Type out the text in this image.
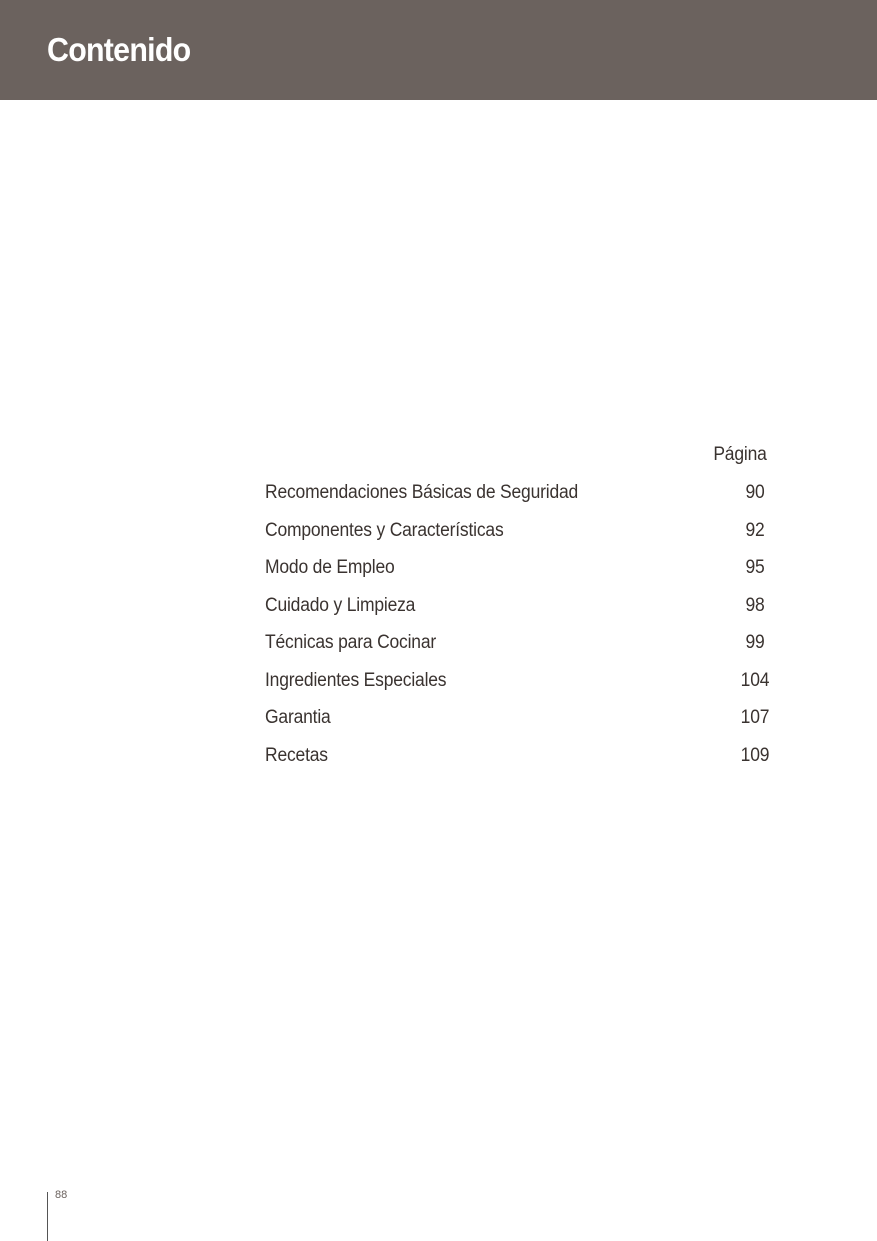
Contenido
Página
Recomendaciones Básicas de Seguridad	90
Componentes y Características	92
Modo de Empleo	95
Cuidado y Limpieza	98
Técnicas para Cocinar	99
Ingredientes Especiales	104
Garantia	107
Recetas	109
88
